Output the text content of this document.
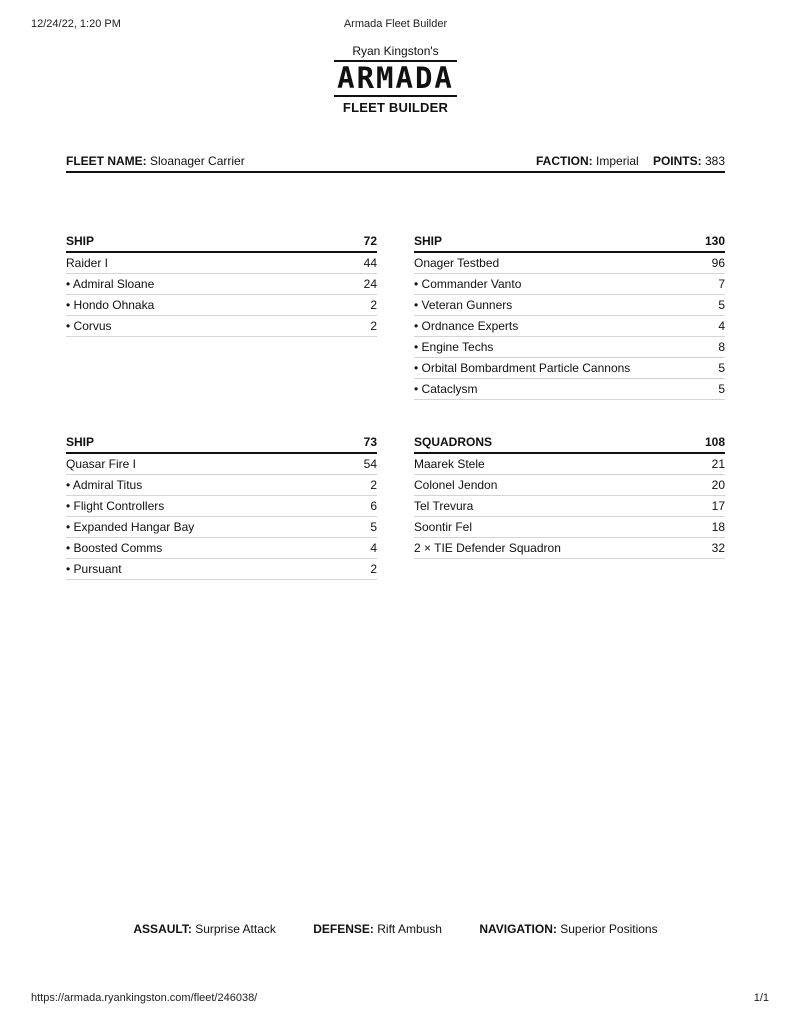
Armada Fleet Builder
12/24/22, 1:20 PM
Ryan Kingston's
ARMADA
FLEET BUILDER
FLEET NAME: Sloanager Carrier	FACTION: Imperial POINTS: 383
SHIP	72
Raider I	44
• Admiral Sloane	24
• Hondo Ohnaka	2
• Corvus	2
SHIP	130
Onager Testbed	96
• Commander Vanto	7
• Veteran Gunners	5
• Ordnance Experts	4
• Engine Techs	8
• Orbital Bombardment Particle Cannons	5
• Cataclysm	5
SHIP	73
Quasar Fire I	54
• Admiral Titus	2
• Flight Controllers	6
• Expanded Hangar Bay	5
• Boosted Comms	4
• Pursuant	2
SQUADRONS	108
Maarek Stele	21
Colonel Jendon	20
Tel Trevura	17
Soontir Fel	18
2 × TIE Defender Squadron	32
ASSAULT: Surprise Attack	DEFENSE: Rift Ambush	NAVIGATION: Superior Positions
https://armada.ryankingston.com/fleet/246038/	1/1
